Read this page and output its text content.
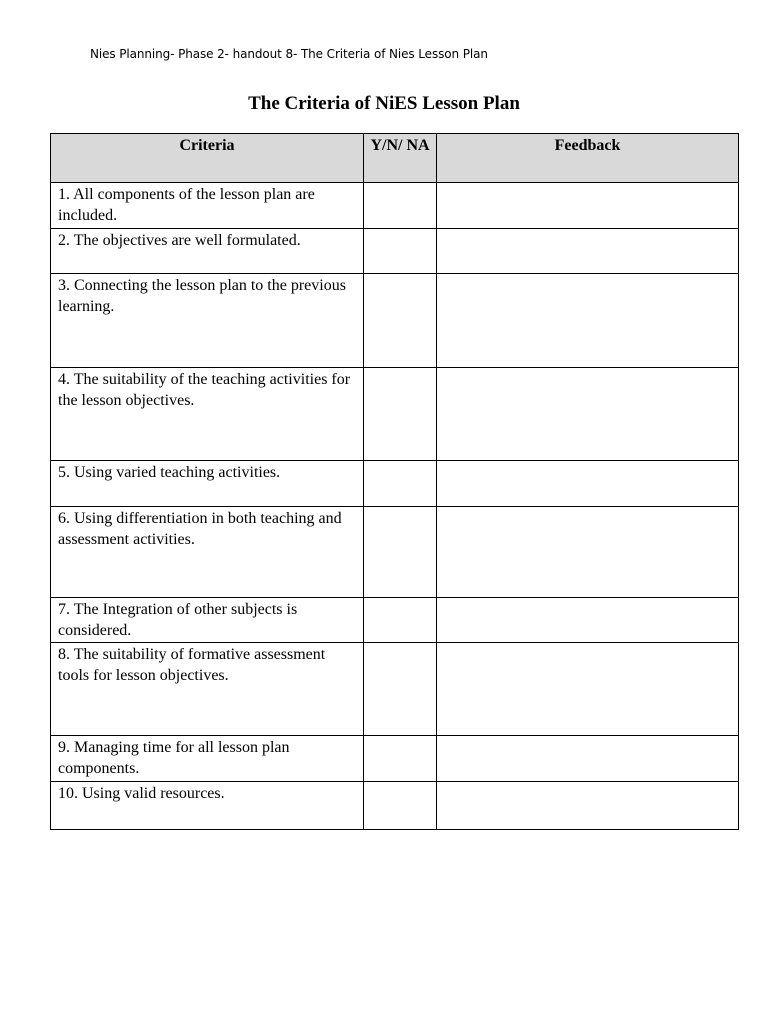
Nies Planning- Phase 2- handout 8- The Criteria of Nies Lesson Plan
The Criteria of NiES Lesson Plan
Criteria	Y/N/ NA	Feedback

1. All components of the lesson plan are included.		

2. The objectives are well formulated.		

3. Connecting the lesson plan to the previous learning.		

4. The suitability of the teaching activities for the lesson objectives.		

5. Using varied teaching activities.		

6. Using differentiation in both teaching and assessment activities.		

7. The Integration of other subjects is considered.		

8. The suitability of formative assessment tools for lesson objectives.		

9. Managing time for all lesson plan components.		

10. Using valid resources.		
